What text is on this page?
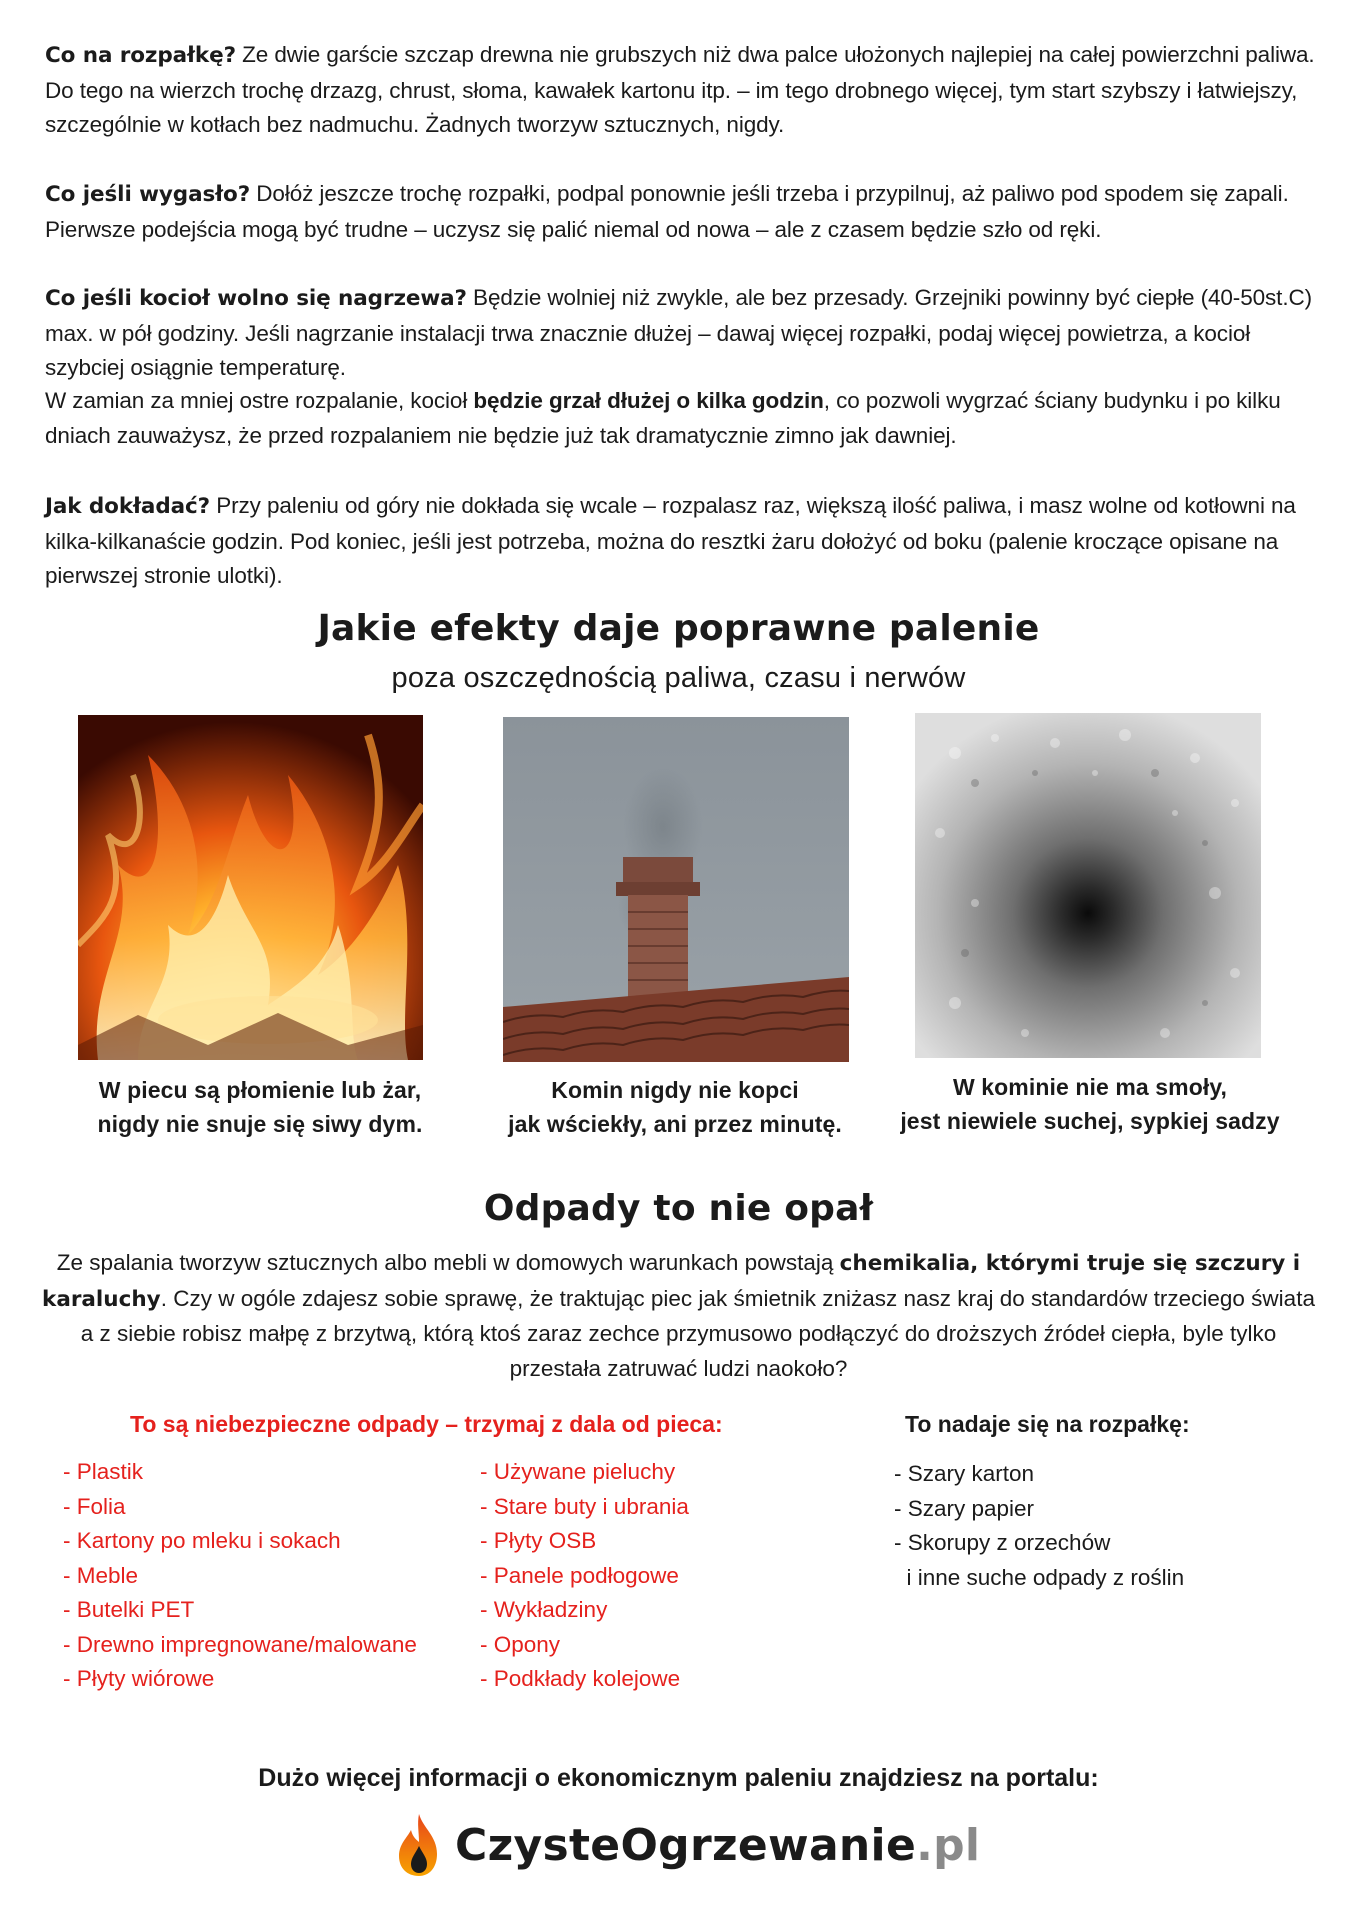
Co na rozpałkę? Ze dwie garście szczap drewna nie grubszych niż dwa palce ułożonych najlepiej na całej powierzchni paliwa. Do tego na wierzch trochę drzazg, chrust, słoma, kawałek kartonu itp. – im tego drobnego więcej, tym start szybszy i łatwiejszy, szczególnie w kotłach bez nadmuchu. Żadnych tworzyw sztucznych, nigdy.
Co jeśli wygasło? Dołóż jeszcze trochę rozpałki, podpal ponownie jeśli trzeba i przypilnuj, aż paliwo pod spodem się zapali. Pierwsze podejścia mogą być trudne – uczysz się palić niemal od nowa – ale z czasem będzie szło od ręki.
Co jeśli kocioł wolno się nagrzewa? Będzie wolniej niż zwykle, ale bez przesady. Grzejniki powinny być ciepłe (40-50st.C) max. w pół godziny. Jeśli nagrzanie instalacji trwa znacznie dłużej – dawaj więcej rozpałki, podaj więcej powietrza, a kocioł szybciej osiągnie temperaturę.
W zamian za mniej ostre rozpalanie, kocioł będzie grzał dłużej o kilka godzin, co pozwoli wygrzać ściany budynku i po kilku dniach zauważysz, że przed rozpalaniem nie będzie już tak dramatycznie zimno jak dawniej.
Jak dokładać? Przy paleniu od góry nie dokłada się wcale – rozpalasz raz, większą ilość paliwa, i masz wolne od kotłowni na kilka-kilkanaście godzin. Pod koniec, jeśli jest potrzeba, można do resztki żaru dołożyć od boku (palenie kroczące opisane na pierwszej stronie ulotki).
Jakie efekty daje poprawne palenie
poza oszczędnością paliwa, czasu i nerwów
W piecu są płomienie lub żar,
nigdy nie snuje się siwy dym.
Komin nigdy nie kopci
jak wściekły, ani przez minutę.
W kominie nie ma smoły,
jest niewiele suchej, sypkiej sadzy
Odpady to nie opał
Ze spalania tworzyw sztucznych albo mebli w domowych warunkach powstają chemikalia, którymi truje się szczury i karaluchy. Czy w ogóle zdajesz sobie sprawę, że traktując piec jak śmietnik zniżasz nasz kraj do standardów trzeciego świata a z siebie robisz małpę z brzytwą, którą ktoś zaraz zechce przymusowo podłączyć do droższych źródeł ciepła, byle tylko przestała zatruwać ludzi naokoło?
To są niebezpieczne odpady – trzymaj z dala od pieca:	To nadaje się na rozpałkę:
- Plastik
- Folia
- Kartony po mleku i sokach
- Meble
- Butelki PET
- Drewno impregnowane/malowane
- Płyty wiórowe
- Używane pieluchy
- Stare buty i ubrania
- Płyty OSB
- Panele podłogowe
- Wykładziny
- Opony
- Podkłady kolejowe
- Szary karton
- Szary papier
- Skorupy z orzechów
i inne suche odpady z roślin
Dużo więcej informacji o ekonomicznym paleniu znajdziesz na portalu:
CzysteOgrzewanie.pl
